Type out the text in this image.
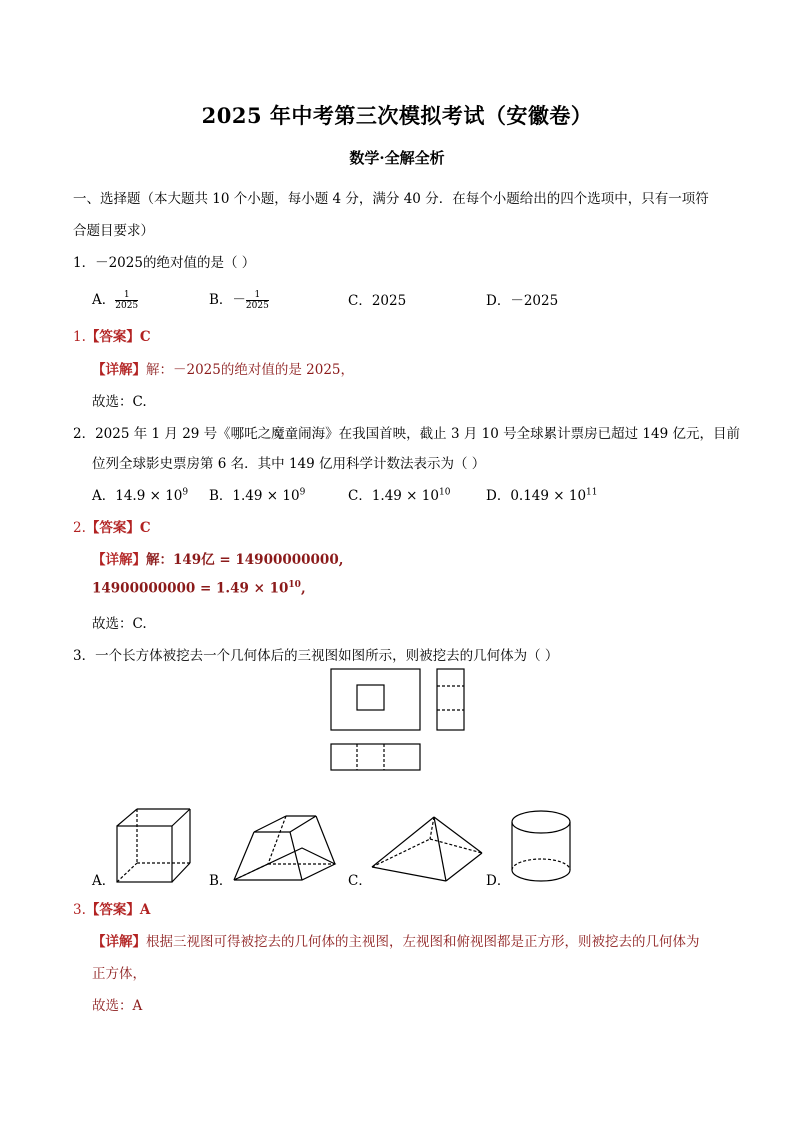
2025 年中考第三次模拟考试（安徽卷）
数学·全解全析
一、选择题（本大题共 10 个小题，每小题 4 分，满分 40 分．在每个小题给出的四个选项中，只有一项符
合题目要求）
1．－2025的绝对值的是（ ）
A． $\frac{1}{2025}$	B．－ $\frac{1}{2025}$	C．2025	D．－2025
1.【答案】C
【详解】解：－2025的绝对值的是 2025，
故选：C.
2．2025 年 1 月 29 号《哪吒之魔童闹海》在我国首映，截止 3 月 10 号全球累计票房已超过 149 亿元，目前
位列全球影史票房第 6 名．其中 149 亿用科学计数法表示为（ ）
A．$14.9 \times 10^9$ B．$1.49 \times 10^9$	C．$1.49 \times 10^{10}$	D．$0.149 \times 10^{11}$
2.【答案】C
【详解】解：149亿 = 14900000000,
$14900000000 = 1.49 \times 10^{10}$,
故选：C.
3．一个长方体被挖去一个几何体后的三视图如图所示，则被挖去的几何体为（ ）
A．	B．	C．	D．
3.【答案】A
【详解】根据三视图可得被挖去的几何体的主视图，左视图和俯视图都是正方形，则被挖去的几何体为
正方体，
故选：A
